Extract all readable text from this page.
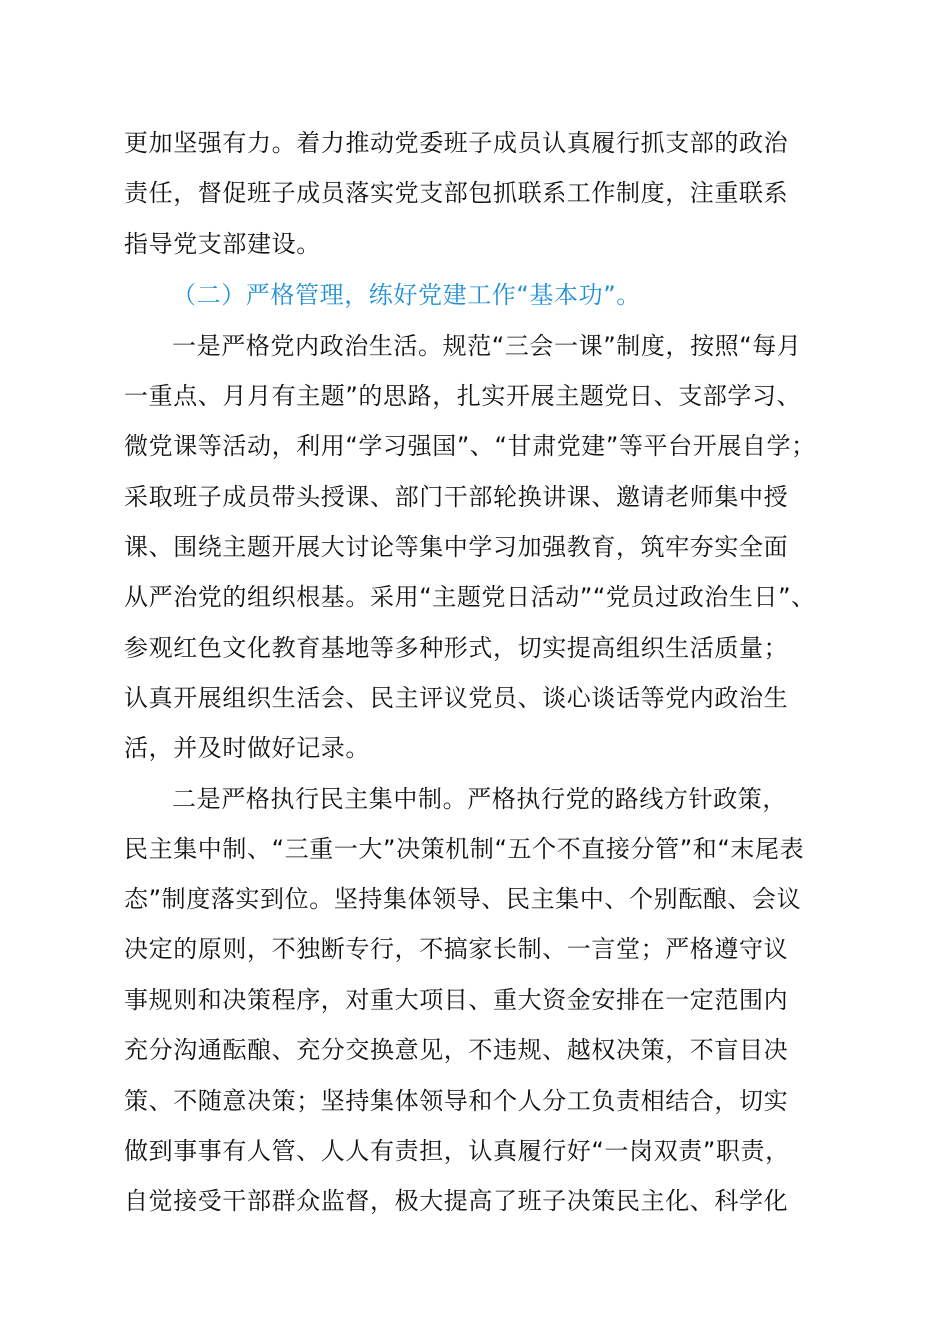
更加坚强有力。着力推动党委班子成员认真履行抓支部的政治
责任，督促班子成员落实党支部包抓联系工作制度，注重联系
指导党支部建设。
（二）严格管理，练好党建工作“基本功”。
一是严格党内政治生活。规范“三会一课”制度，按照“每月
一重点、月月有主题”的思路，扎实开展主题党日、支部学习、
微党课等活动，利用“学习强国”、“甘肃党建”等平台开展自学；
采取班子成员带头授课、部门干部轮换讲课、邀请老师集中授
课、围绕主题开展大讨论等集中学习加强教育，筑牢夯实全面
从严治党的组织根基。采用“主题党日活动”“党员过政治生日”、
参观红色文化教育基地等多种形式，切实提高组织生活质量；
认真开展组织生活会、民主评议党员、谈心谈话等党内政治生
活，并及时做好记录。
二是严格执行民主集中制。严格执行党的路线方针政策，
民主集中制、“三重一大”决策机制“五个不直接分管”和“末尾表
态”制度落实到位。坚持集体领导、民主集中、个别酝酿、会议
决定的原则，不独断专行，不搞家长制、一言堂；严格遵守议
事规则和决策程序，对重大项目、重大资金安排在一定范围内
充分沟通酝酿、充分交换意见，不违规、越权决策，不盲目决
策、不随意决策；坚持集体领导和个人分工负责相结合，切实
做到事事有人管、人人有责担，认真履行好“一岗双责”职责，
自觉接受干部群众监督，极大提高了班子决策民主化、科学化
